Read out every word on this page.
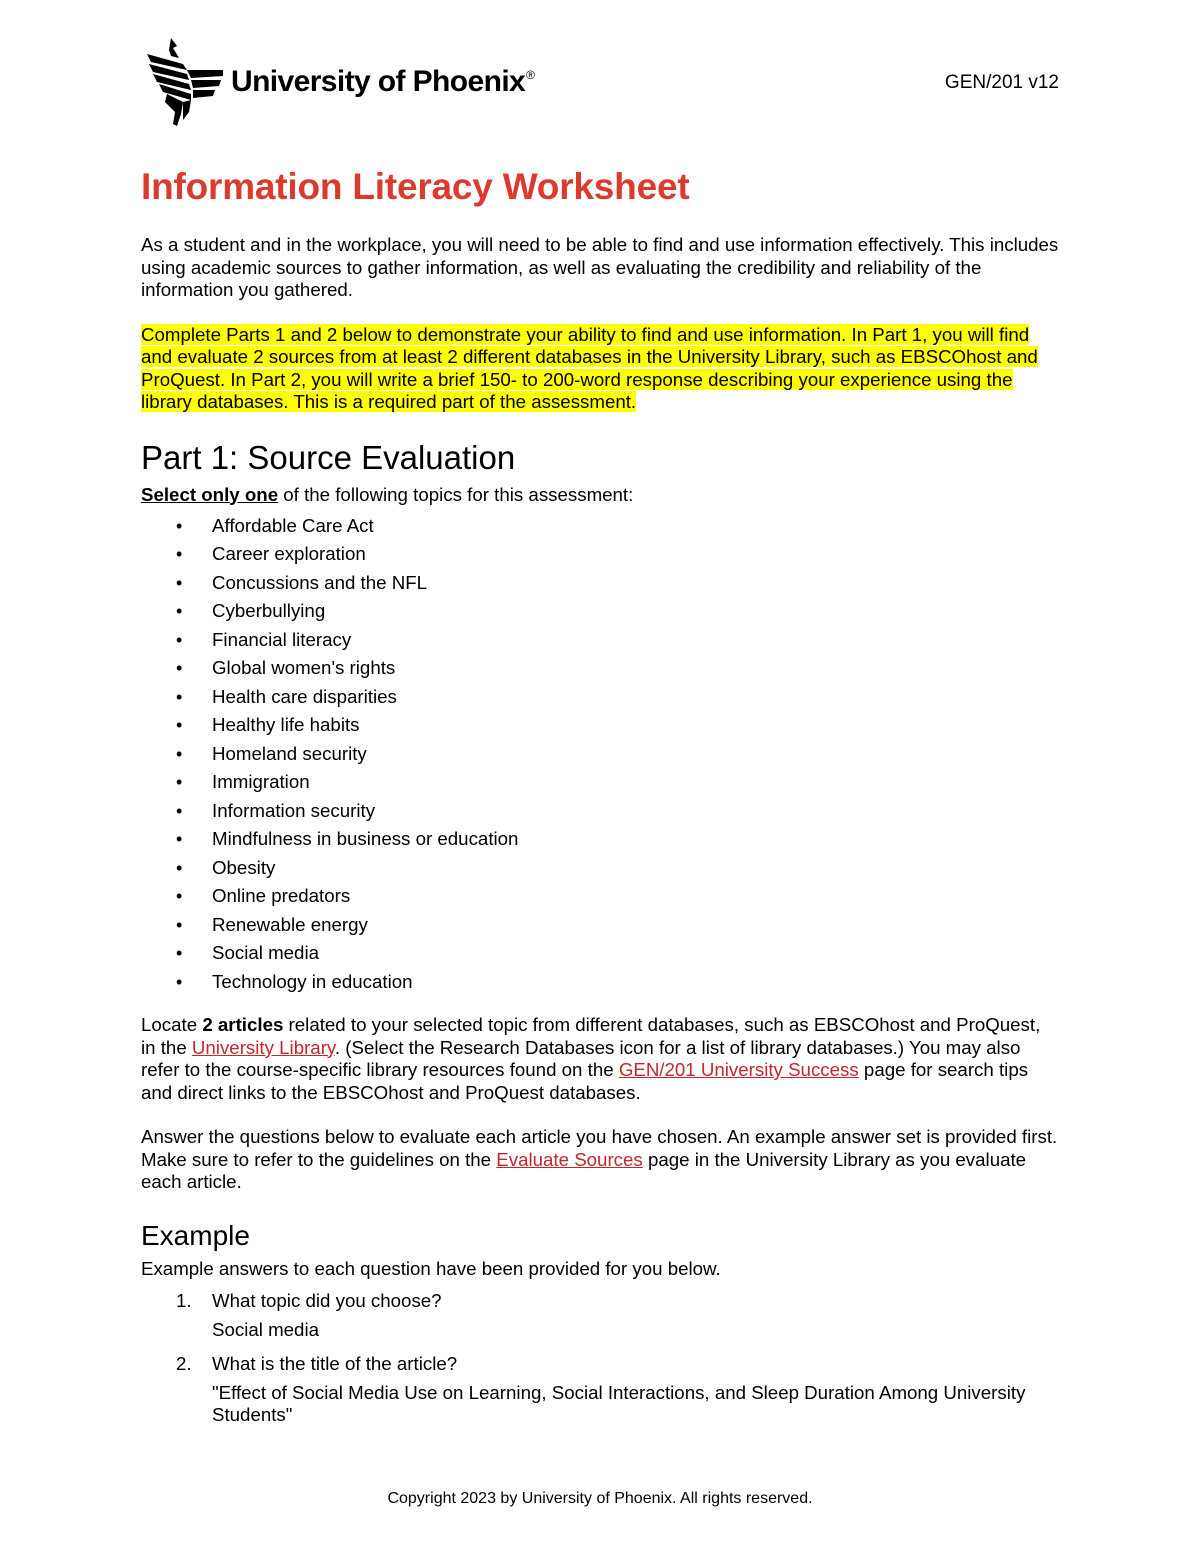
University of Phoenix®	GEN/201 v12
Information Literacy Worksheet

As a student and in the workplace, you will need to be able to find and use information effectively. This includes using academic sources to gather information, as well as evaluating the credibility and reliability of the information you gathered.

Complete Parts 1 and 2 below to demonstrate your ability to find and use information. In Part 1, you will find and evaluate 2 sources from at least 2 different databases in the University Library, such as EBSCOhost and ProQuest. In Part 2, you will write a brief 150- to 200-word response describing your experience using the library databases. This is a required part of the assessment.

Part 1: Source Evaluation

Select only one of the following topics for this assessment:

• Affordable Care Act
• Career exploration
• Concussions and the NFL
• Cyberbullying
• Financial literacy
• Global women's rights
• Health care disparities
• Healthy life habits
• Homeland security
• Immigration
• Information security
• Mindfulness in business or education
• Obesity
• Online predators
• Renewable energy
• Social media
• Technology in education

Locate 2 articles related to your selected topic from different databases, such as EBSCOhost and ProQuest, in the University Library. (Select the Research Databases icon for a list of library databases.) You may also refer to the course-specific library resources found on the GEN/201 University Success page for search tips and direct links to the EBSCOhost and ProQuest databases.

Answer the questions below to evaluate each article you have chosen. An example answer set is provided first. Make sure to refer to the guidelines on the Evaluate Sources page in the University Library as you evaluate each article.

Example

Example answers to each question have been provided for you below.

1. What topic did you choose?
Social media
2. What is the title of the article?
"Effect of Social Media Use on Learning, Social Interactions, and Sleep Duration Among University Students"
Copyright 2023 by University of Phoenix. All rights reserved.
